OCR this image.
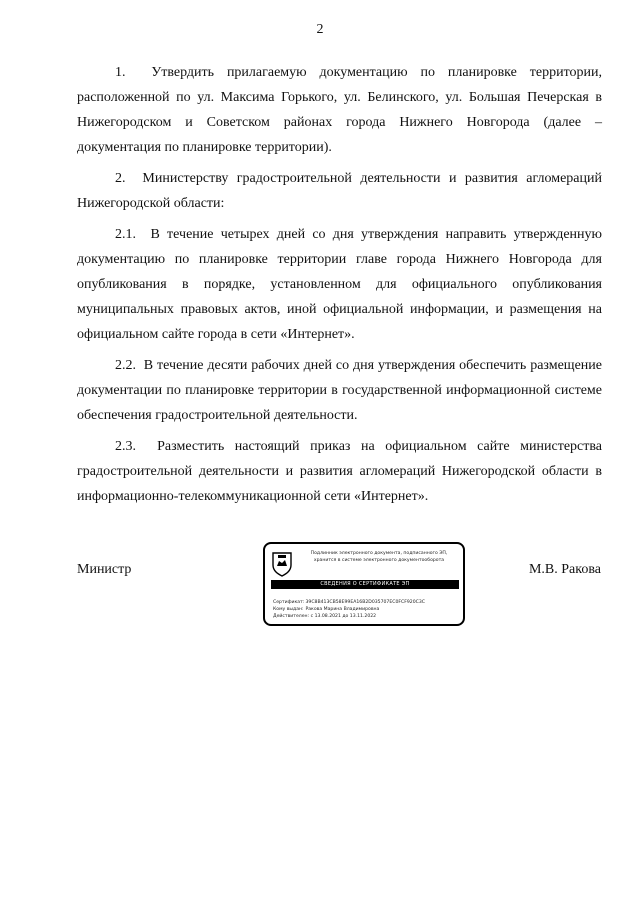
2

1.  Утвердить прилагаемую документацию по планировке территории, расположенной по ул. Максима Горького, ул. Белинского, ул. Большая Печерская в Нижегородском и Советском районах города Нижнего Новгорода (далее – документация по планировке территории).

2.  Министерству градостроительной деятельности и развития агломераций Нижегородской области:

2.1.  В течение четырех дней со дня утверждения направить утвержденную документацию по планировке территории главе города Нижнего Новгорода для опубликования в порядке, установленном для официального опубликования муниципальных правовых актов, иной официальной информации, и размещения на официальном сайте города в сети «Интернет».

2.2.  В течение десяти рабочих дней со дня утверждения обеспечить размещение документации по планировке территории в государственной информационной системе обеспечения градостроительной деятельности.

2.3.  Разместить настоящий приказ на официальном сайте министерства градостроительной деятельности и развития агломераций Нижегородской области в информационно-телекоммуникационной сети «Интернет».

Министр
Подлинник электронного документа, подписанного ЭП,
хранится в системе электронного документооборота
СВЕДЕНИЯ О СЕРТИФИКАТЕ ЭП
Сертификат: 39C8B413CB58E99EA16B2D035707EC0FCF920C3C
Кому выдан: Ракова Марина Владимировна
Действителен: с 13.08.2021 до 13.11.2022
М.В. Ракова
